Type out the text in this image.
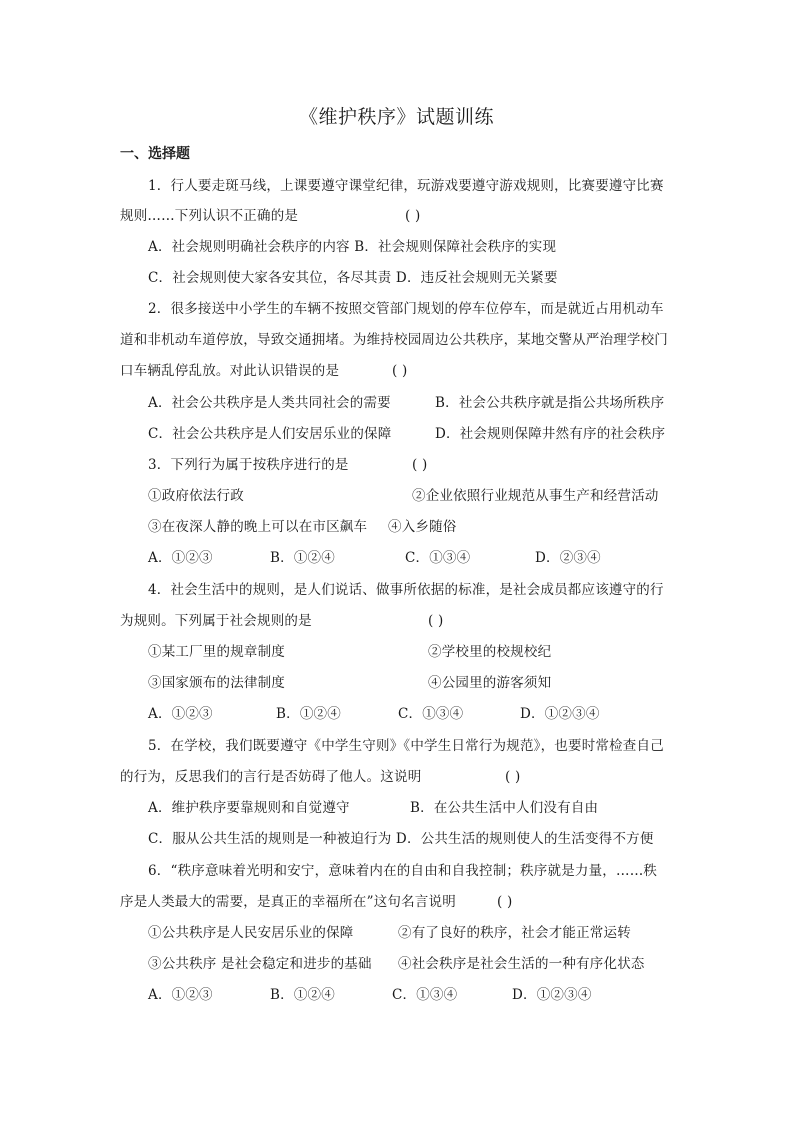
《维护秩序》试题训练
一、选择题
1．行人要走斑马线，上课要遵守课堂纪律，玩游戏要遵守游戏规则，比赛要遵守比赛
规则……下列认识不正确的是	( )
A．社会规则明确社会秩序的内容 B．社会规则保障社会秩序的实现
C．社会规则使大家各安其位，各尽其责 D．违反社会规则无关紧要
2．很多接送中小学生的车辆不按照交管部门规划的停车位停车，而是就近占用机动车
道和非机动车道停放，导致交通拥堵。为维持校园周边公共秩序，某地交警从严治理学校门
口车辆乱停乱放。对此认识错误的是	( )
A．社会公共秩序是人类共同社会的需要	B．社会公共秩序就是指公共场所秩序
C．社会公共秩序是人们安居乐业的保障	D．社会规则保障井然有序的社会秩序
3．下列行为属于按秩序进行的是	( )
①政府依法行政	②企业依照行业规范从事生产和经营活动
③在夜深人静的晚上可以在市区飙车 ④入乡随俗
A．①②③	B．①②④	C．①③④	D．②③④
4．社会生活中的规则，是人们说话、做事所依据的标准，是社会成员都应该遵守的行
为规则。下列属于社会规则的是	( )
①某工厂里的规章制度	②学校里的校规校纪
③国家颁布的法律制度	④公园里的游客须知
A．①②③	B．①②④	C．①③④	D．①②③④
5．在学校，我们既要遵守《中学生守则》《中学生日常行为规范》，也要时常检查自己
的行为，反思我们的言行是否妨碍了他人。这说明	( )
A．维护秩序要靠规则和自觉遵守	B．在公共生活中人们没有自由
C．服从公共生活的规则是一种被迫行为 D．公共生活的规则使人的生活变得不方便
6．“秩序意味着光明和安宁，意味着内在的自由和自我控制；秩序就是力量，……秩
序是人类最大的需要，是真正的幸福所在”这句名言说明	( )
①公共秩序是人民安居乐业的保障	②有了良好的秩序，社会才能正常运转
③公共秩序 是社会稳定和进步的基础 ④社会秩序是社会生活的一种有序化状态
A．①②③	B．①②④	C．①③④	D．①②③④
